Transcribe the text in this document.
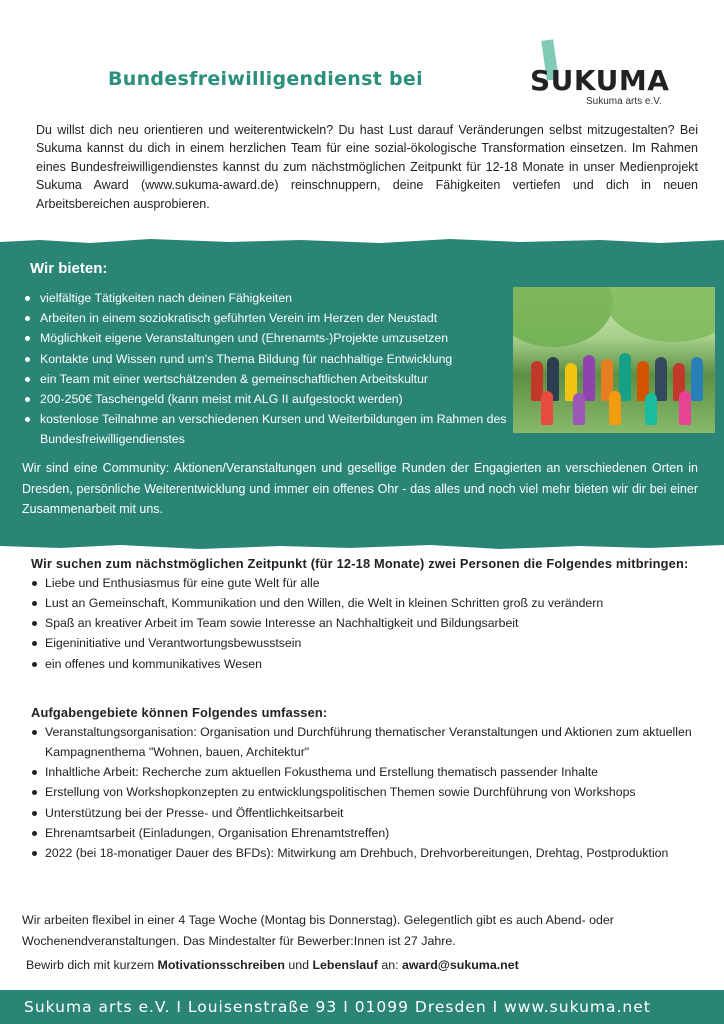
Bundesfreiwilligendienst bei	SUKUMA
Sukuma arts e.V.

Du willst dich neu orientieren und weiterentwickeln? Du hast Lust darauf Veränderungen selbst mitzugestalten? Bei Sukuma kannst du dich in einem herzlichen Team für eine sozial-ökologische Transformation einsetzen. Im Rahmen eines Bundesfreiwilligendienstes kannst du zum nächstmöglichen Zeitpunkt für 12-18 Monate in unser Medienprojekt Sukuma Award (www.sukuma-award.de) reinschnuppern, deine Fähigkeiten vertiefen und dich in neuen Arbeitsbereichen ausprobieren.

Wir bieten:
vielfältige Tätigkeiten nach deinen Fähigkeiten
Arbeiten in einem soziokratisch geführten Verein im Herzen der Neustadt
Möglichkeit eigene Veranstaltungen und (Ehrenamts-)Projekte umzusetzen
Kontakte und Wissen rund um's Thema Bildung für nachhaltige Entwicklung
ein Team mit einer wertschätzenden & gemeinschaftlichen Arbeitskultur
200-250€ Taschengeld (kann meist mit ALG II aufgestockt werden)
kostenlose Teilnahme an verschiedenen Kursen und Weiterbildungen im Rahmen des Bundesfreiwilligendienstes

Wir sind eine Community: Aktionen/Veranstaltungen und gesellige Runden der Engagierten an verschiedenen Orten in Dresden, persönliche Weiterentwicklung und immer ein offenes Ohr - das alles und noch viel mehr bieten wir dir bei einer Zusammenarbeit mit uns.

Wir suchen zum nächstmöglichen Zeitpunkt (für 12-18 Monate) zwei Personen die Folgendes mitbringen:
Liebe und Enthusiasmus für eine gute Welt für alle
Lust an Gemeinschaft, Kommunikation und den Willen, die Welt in kleinen Schritten groß zu verändern
Spaß an kreativer Arbeit im Team sowie Interesse an Nachhaltigkeit und Bildungsarbeit
Eigeninitiative und Verantwortungsbewusstsein
ein offenes und kommunikatives Wesen
Aufgabengebiete können Folgendes umfassen:
Veranstaltungsorganisation: Organisation und Durchführung thematischer Veranstaltungen und Aktionen zum aktuellen Kampagnenthema "Wohnen, bauen, Architektur"
Inhaltliche Arbeit: Recherche zum aktuellen Fokusthema und Erstellung thematisch passender Inhalte
Erstellung von Workshopkonzepten zu entwicklungspolitischen Themen sowie Durchführung von Workshops
Unterstützung bei der Presse- und Öffentlichkeitsarbeit
Ehrenamtsarbeit (Einladungen, Organisation Ehrenamtstreffen)
2022 (bei 18-monatiger Dauer des BFDs): Mitwirkung am Drehbuch, Drehvorbereitungen, Drehtag, Postproduktion

Wir arbeiten flexibel in einer 4 Tage Woche (Montag bis Donnerstag). Gelegentlich gibt es auch Abend- oder Wochenendveranstaltungen. Das Mindestalter für Bewerber:Innen ist 27 Jahre.

Bewirb dich mit kurzem Motivationsschreiben und Lebenslauf an: award@sukuma.net

Sukuma arts e.V. I Louisenstraße 93 I 01099 Dresden I www.sukuma.net
